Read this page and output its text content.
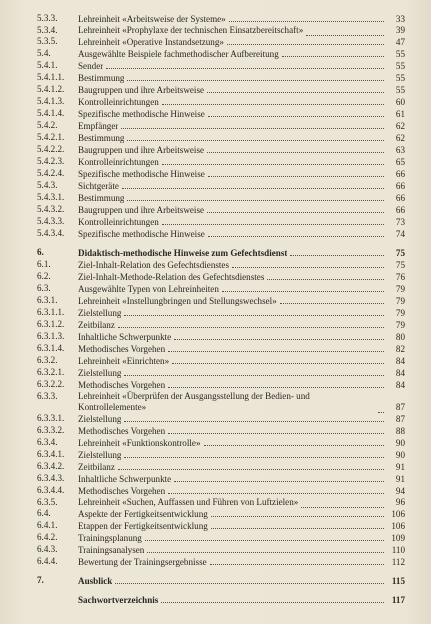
5.3.3.	Lehreinheit «Arbeitsweise der Systeme»	33
5.3.4.	Lehreinheit «Prophylaxe der technischen Einsatzbereitschaft»	39
5.3.5.	Lehreinheit «Operative Instandsetzung»	47
5.4.	Ausgewählte Beispiele fachmethodischer Aufbereitung	55
5.4.1.	Sender	55
5.4.1.1.	Bestimmung	55
5.4.1.2.	Baugruppen und ihre Arbeitsweise	55
5.4.1.3.	Kontrolleinrichtungen	60
5.4.1.4.	Spezifische methodische Hinweise	61
5.4.2.	Empfänger	62
5.4.2.1.	Bestimmung	62
5.4.2.2.	Baugruppen und ihre Arbeitsweise	63
5.4.2.3.	Kontrolleinrichtungen	65
5.4.2.4.	Spezifische methodische Hinweise	66
5.4.3.	Sichtgeräte	66
5.4.3.1.	Bestimmung	66
5.4.3.2.	Baugruppen und ihre Arbeitsweise	66
5.4.3.3.	Kontrolleinrichtungen	73
5.4.3.4.	Spezifische methodische Hinweise	74
6.	Didaktisch-methodische Hinweise zum Gefechtsdienst	75
6.1.	Ziel-Inhalt-Relation des Gefechtsdienstes	75
6.2.	Ziel-Inhalt-Methode-Relation des Gefechtsdienstes	76
6.3.	Ausgewählte Typen von Lehreinheiten	79
6.3.1.	Lehreinheit «Instellungbringen und Stellungswechsel»	79
6.3.1.1.	Zielstellung	79
6.3.1.2.	Zeitbilanz	79
6.3.1.3.	Inhaltliche Schwerpunkte	80
6.3.1.4.	Methodisches Vorgehen	82
6.3.2.	Lehreinheit «Einrichten»	84
6.3.2.1.	Zielstellung	84
6.3.2.2.	Methodisches Vorgehen	84
6.3.3.	Lehreinheit «Überprüfen der Ausgangsstellung der Bedien- und Kontrollelemente»	87
6.3.3.1.	Zielstellung	87
6.3.3.2.	Methodisches Vorgehen	88
6.3.4.	Lehreinheit «Funktionskontrolle»	90
6.3.4.1.	Zielstellung	90
6.3.4.2.	Zeitbilanz	91
6.3.4.3.	Inhaltliche Schwerpunkte	91
6.3.4.4.	Methodisches Vorgehen	94
6.3.5.	Lehreinheit «Suchen, Auffassen und Führen von Luftzielen»	96
6.4.	Aspekte der Fertigkeitsentwicklung	106
6.4.1.	Etappen der Fertigkeitsentwicklung	106
6.4.2.	Trainingsplanung	109
6.4.3.	Trainingsanalysen	110
6.4.4.	Bewertung der Trainingsergebnisse	112
7.	Ausblick	115
Sachwortverzeichnis	117
